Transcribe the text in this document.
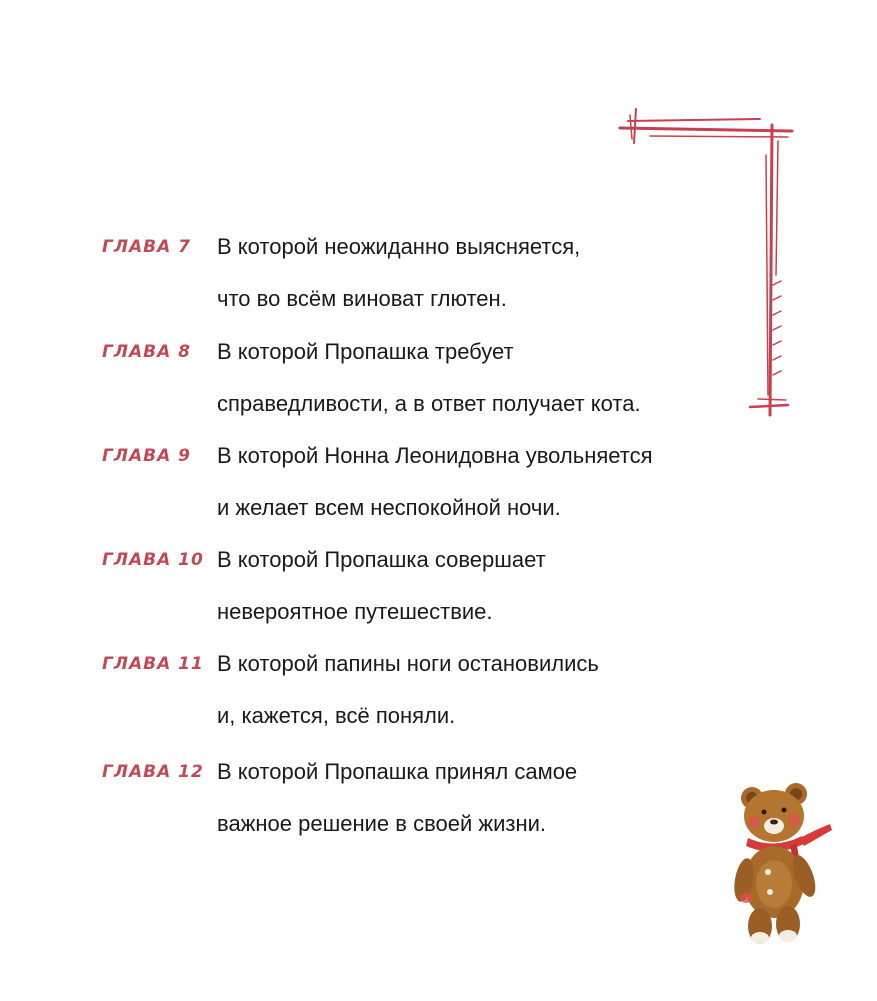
ГЛАВА 7 В которой неожиданно выясняется,
что во всём виноват глютен.
ГЛАВА 8 В которой Пропашка требует
справедливости, а в ответ получает кота.
ГЛАВА 9 В которой Нонна Леонидовна увольняется
и желает всем неспокойной ночи.
ГЛАВА 10 В которой Пропашка совершает
невероятное путешествие.
ГЛАВА 11 В которой папины ноги остановились
и, кажется, всё поняли.
ГЛАВА 12 В которой Пропашка принял самое
важное решение в своей жизни.
